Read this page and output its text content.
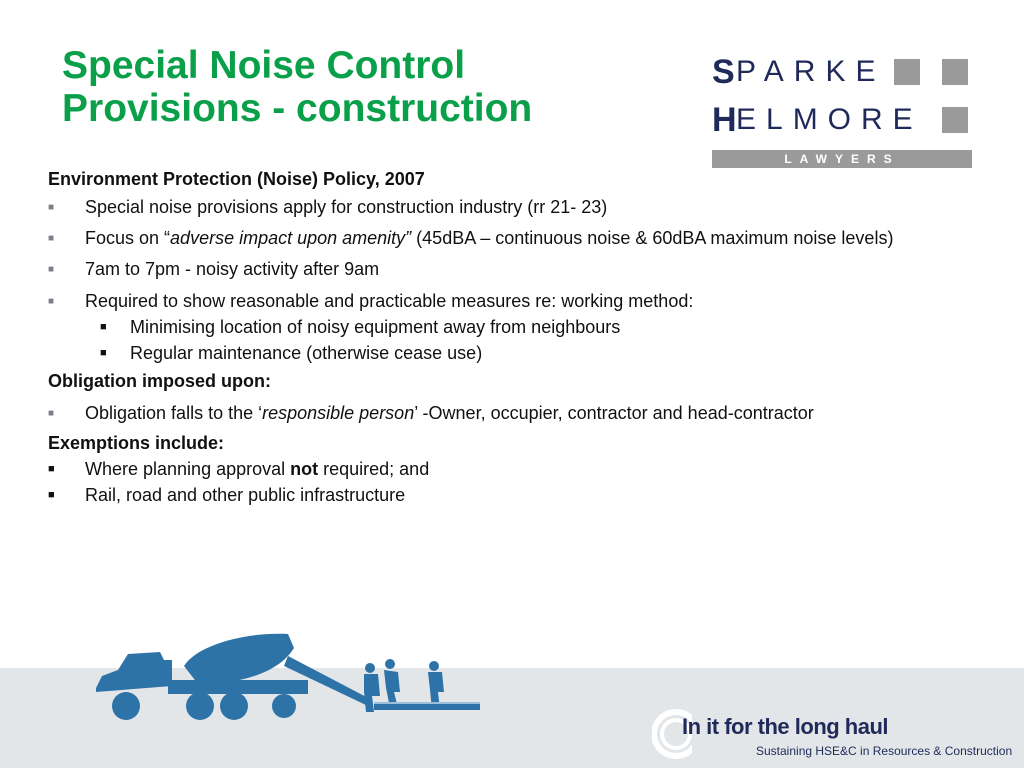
Special Noise Control
Provisions - construction
S PARKE
H ELMORE
LAWYERS

Environment Protection (Noise) Policy, 2007

■ Special noise provisions apply for construction industry (rr 21- 23)

■ Focus on “adverse impact upon amenity” (45dBA – continuous noise & 60dBA maximum noise levels)

■ 7am to 7pm - noisy activity after 9am

■ Required to show reasonable and practicable measures re: working method:

■ Minimising location of noisy equipment away from neighbours

■ Regular maintenance (otherwise cease use)

Obligation imposed upon:

■ Obligation falls to the ‘responsible person’ -Owner, occupier, contractor and head-contractor

Exemptions include:

■ Where planning approval not required; and

■ Rail, road and other public infrastructure

In it for the long haul
Sustaining HSE&C in Resources & Construction
